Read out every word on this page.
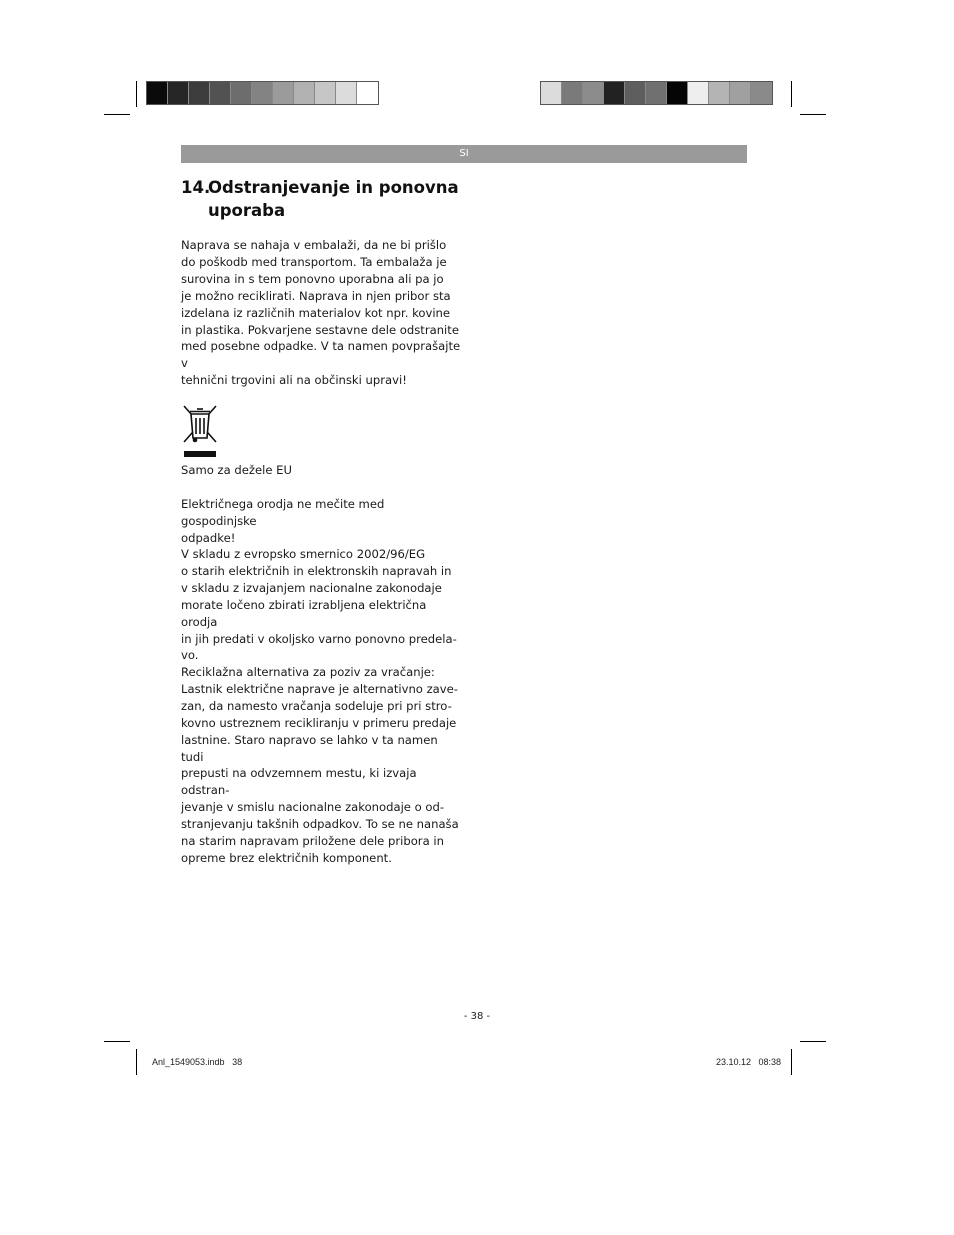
SI
14.Odstranjevanje in ponovna
uporaba
Naprava se nahaja v embalaži, da ne bi prišlo
do poškodb med transportom. Ta embalaža je
surovina in s tem ponovno uporabna ali pa jo
je možno reciklirati. Naprava in njen pribor sta
izdelana iz različnih materialov kot npr. kovine
in plastika. Pokvarjene sestavne dele odstranite
med posebne odpadke. V ta namen povprašajte v
tehnični trgovini ali na občinski upravi!
Samo za dežele EU
Električnega orodja ne mečite med gospodinjske
odpadke!
V skladu z evropsko smernico 2002/96/EG
o starih električnih in elektronskih napravah in
v skladu z izvajanjem nacionalne zakonodaje
morate ločeno zbirati izrabljena električna orodja
in jih predati v okoljsko varno ponovno predela-
vo.
Reciklažna alternativa za poziv za vračanje:
Lastnik električne naprave je alternativno zave-
zan, da namesto vračanja sodeluje pri pri stro-
kovno ustreznem recikliranju v primeru predaje
lastnine. Staro napravo se lahko v ta namen tudi
prepusti na odvzemnem mestu, ki izvaja odstran-
jevanje v smislu nacionalne zakonodaje o od-
stranjevanju takšnih odpadkov. To se ne nanaša
na starim napravam priložene dele pribora in
opreme brez električnih komponent.
- 38 -
Anl_1549053.indb   38	23.10.12   08:38
